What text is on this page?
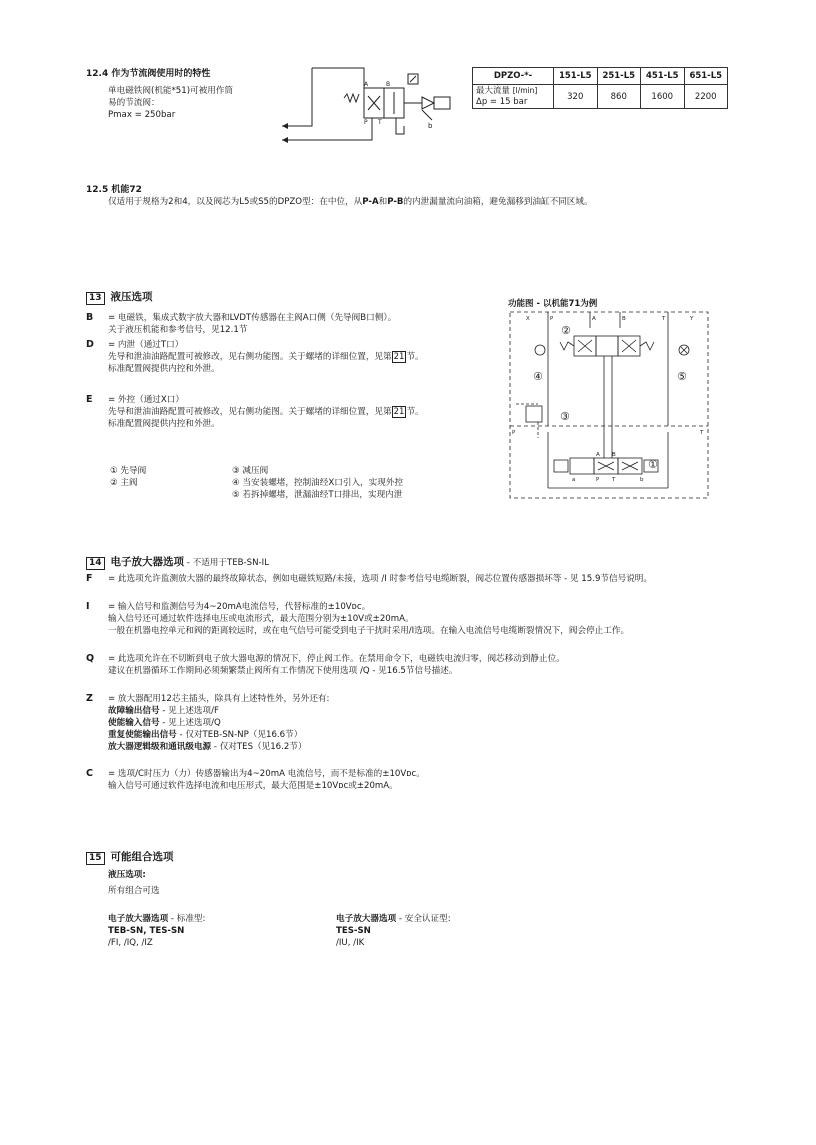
12.4 作为节流阀使用时的特性
单电磁铁阀(机能*51)可被用作筒
易的节流阀：
Pmax = 250bar
A	B
P T	b
DPZO-*-	151-L5	251-L5	451-L5	651-L5
最大流量 [l/min]
Δp = 15 bar	320	860	1600	2200
12.5 机能72
仅适用于规格为2和4，以及阀芯为L5或S5的DPZO型：在中位，从P-A和P-B的内泄漏量流向油箱，避免漏移到油缸不同区域。
13 液压选项
B = 电磁铁，集成式数字放大器和LVDT传感器在主阀A口侧（先导阀B口侧）。
关于液压机能和参考信号，见12.1节
D = 内泄（通过T口）
先导和泄油油路配置可被修改，见右侧功能图。关于螺堵的详细位置，见第 21 节。
标准配置阀提供内控和外泄。
E = 外控（通过X口）
先导和泄油油路配置可被修改，见右侧功能图。关于螺堵的详细位置，见第 21 节。
标准配置阀提供内控和外泄。
① 先导阀
② 主阀
③ 减压阀
④ 当安装螺堵，控制油经X口引入，实现外控
⑤ 若拆掉螺堵，泄漏油经T口排出，实现内泄
功能图 - 以机能71为例
X	P	A	B	T	Y
P	T
A B
P T
a	b
②
④	⑤
③
①
14 电子放大器选项 - 不适用于TEB-SN-IL
F = 此选项允许监测放大器的最终故障状态，例如电磁铁短路/未接，选项 /I 时参考信号电缆断裂，阀芯位置传感器损坏等 - 见 15.9节信号说明。
I = 输入信号和监测信号为4~20mA电流信号，代替标准的±10Vᴅᴄ。
输入信号还可通过软件选择电压或电流形式，最大范围分别为±10V或±20mA。
一般在机器电控单元和阀的距离较远时，或在电气信号可能受到电子干扰时采用/I选项。在输入电流信号电缆断裂情况下，阀会停止工作。
Q = 此选项允许在不切断到电子放大器电源的情况下，停止阀工作。在禁用命令下，电磁铁电流归零，阀芯移动到静止位。
建议在机器循环工作期间必须频繁禁止阀所有工作情况下使用选项 /Q - 见16.5节信号描述。
Z = 放大器配用12芯主插头，除具有上述特性外，另外还有:
故障输出信号 - 见上述选项/F
使能输入信号 - 见上述选项/Q
重复使能输出信号 - 仅对TEB-SN-NP（见16.6节）
放大器逻辑级和通讯级电源 - 仅对TES（见16.2节）
C = 选项/C时压力（力）传感器输出为4~20mA 电流信号，而不是标准的±10Vᴅᴄ。
输入信号可通过软件选择电流和电压形式，最大范围是±10Vᴅᴄ或±20mA。
15 可能组合选项
液压选项:
所有组合可选
电子放大器选项 - 标准型:
TEB-SN, TES-SN
/FI, /IQ, /IZ
电子放大器选项 - 安全认证型:
TES-SN
/IU, /IK
